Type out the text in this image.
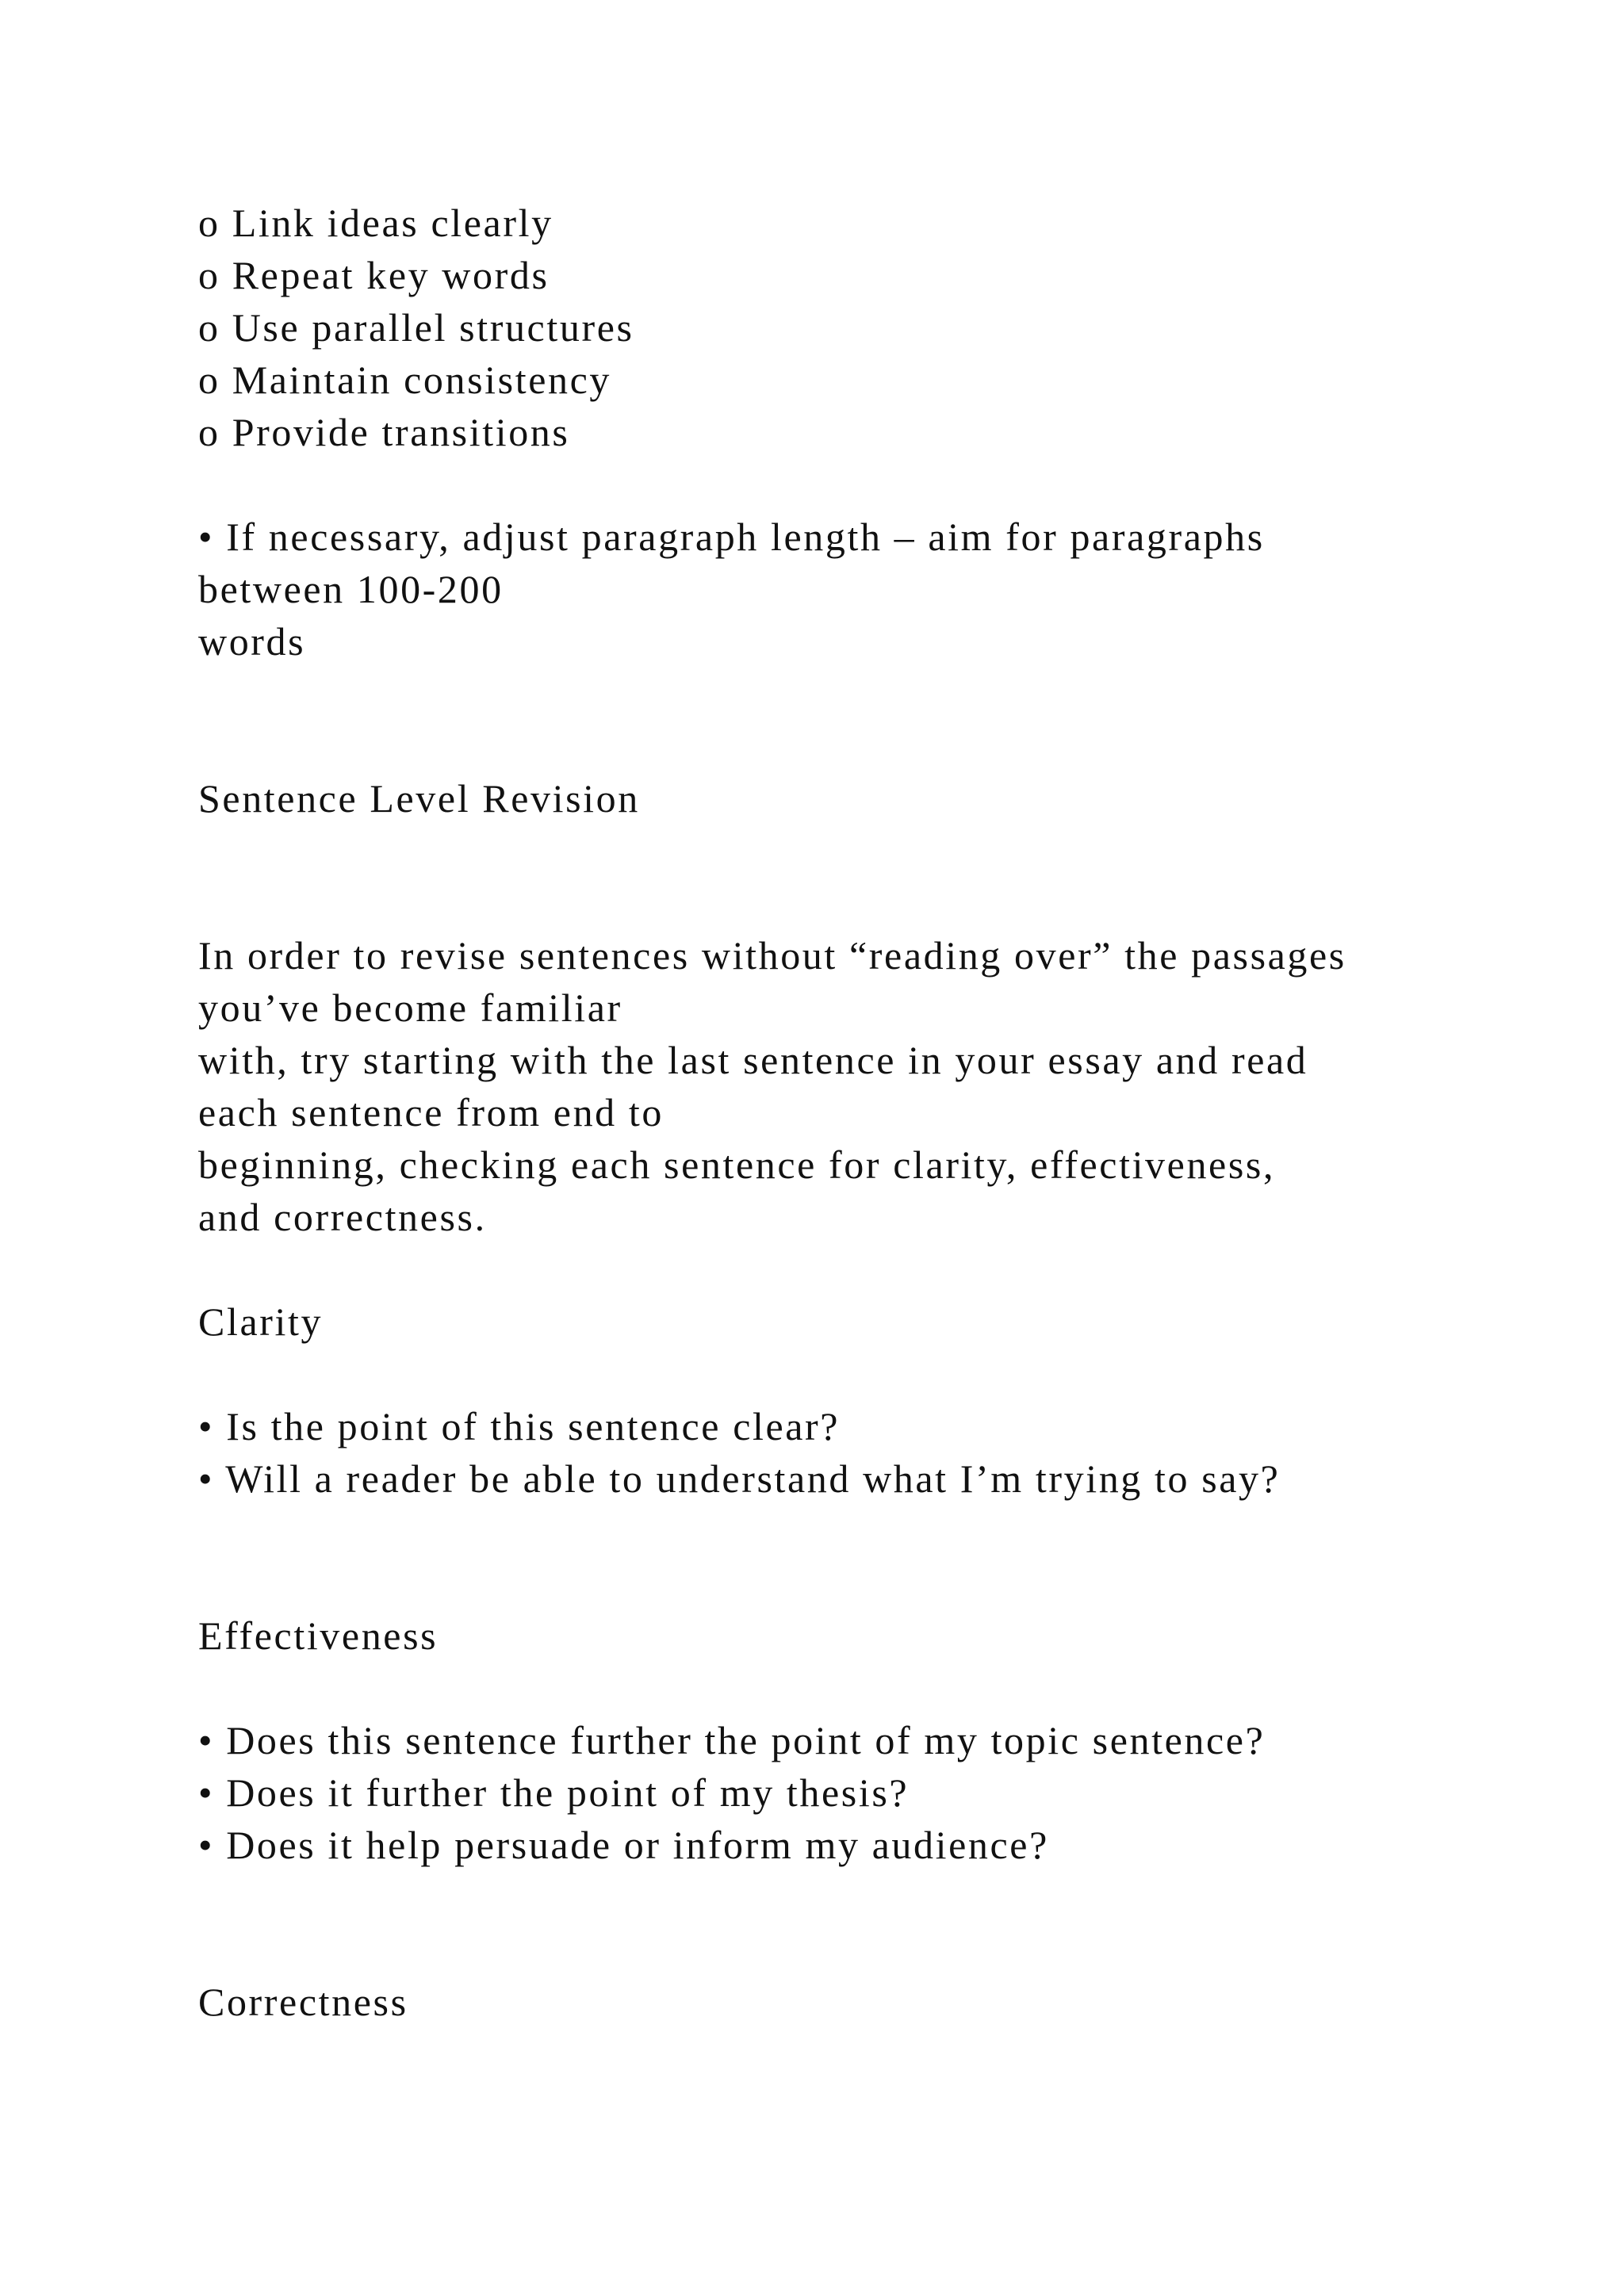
o Link ideas clearly

o Repeat key words

o Use parallel structures

o Maintain consistency

o Provide transitions

• If necessary, adjust paragraph length – aim for paragraphs

between 100-200

words

Sentence Level Revision

In order to revise sentences without “reading over” the passages

you’ve become familiar

with, try starting with the last sentence in your essay and read

each sentence from end to

beginning, checking each sentence for clarity, effectiveness,

and correctness.

Clarity

• Is the point of this sentence clear?

• Will a reader be able to understand what I’m trying to say?

Effectiveness

• Does this sentence further the point of my topic sentence?

• Does it further the point of my thesis?

• Does it help persuade or inform my audience?

Correctness
